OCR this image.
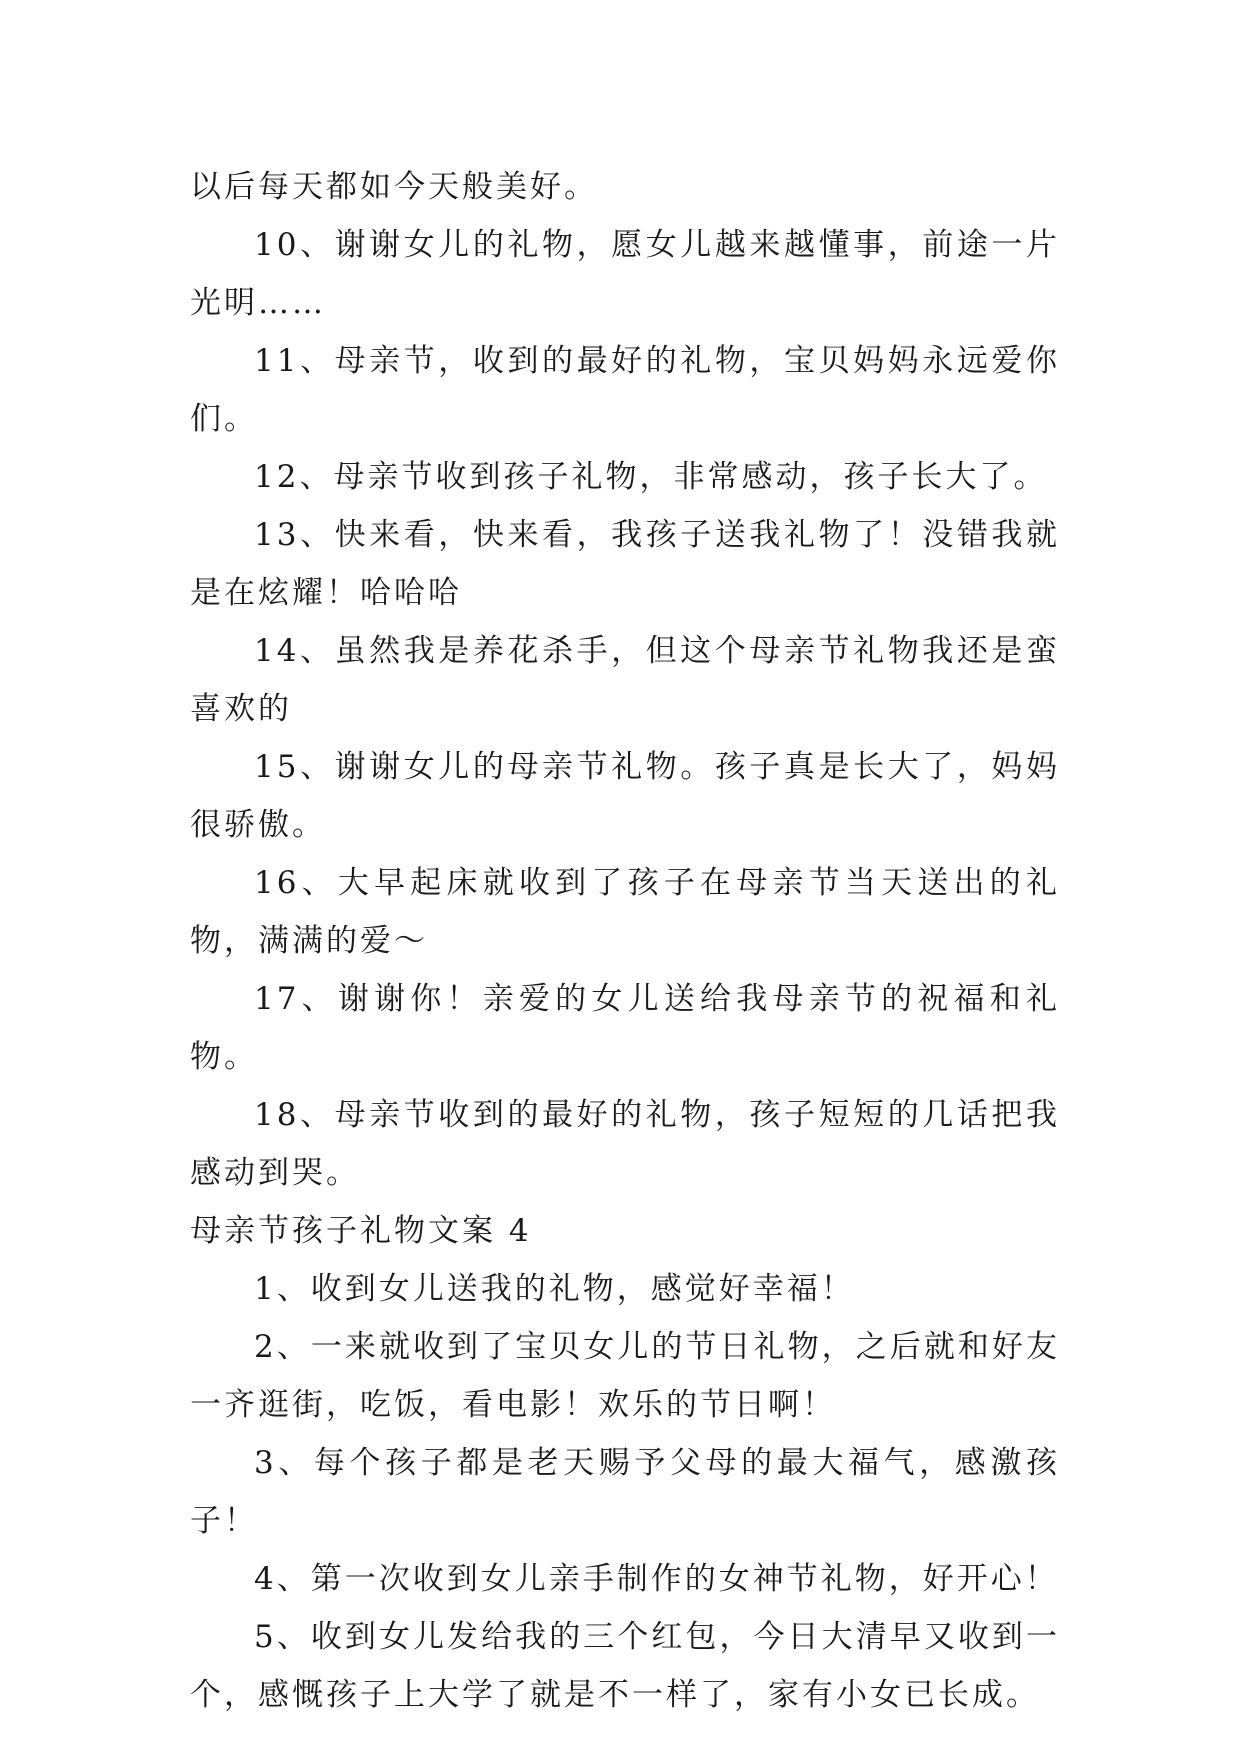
以后每天都如今天般美好。

10、谢谢女儿的礼物，愿女儿越来越懂事，前途一片光明……

11、母亲节，收到的最好的礼物，宝贝妈妈永远爱你们。

12、母亲节收到孩子礼物，非常感动，孩子长大了。

13、快来看，快来看，我孩子送我礼物了！没错我就是在炫耀！哈哈哈

14、虽然我是养花杀手，但这个母亲节礼物我还是蛮喜欢的

15、谢谢女儿的母亲节礼物。孩子真是长大了，妈妈很骄傲。

16、大早起床就收到了孩子在母亲节当天送出的礼物，满满的爱～

17、谢谢你！亲爱的女儿送给我母亲节的祝福和礼物。

18、母亲节收到的最好的礼物，孩子短短的几话把我感动到哭。

母亲节孩子礼物文案 4

1、收到女儿送我的礼物，感觉好幸福！

2、一来就收到了宝贝女儿的节日礼物，之后就和好友一齐逛街，吃饭，看电影！欢乐的节日啊！

3、每个孩子都是老天赐予父母的最大福气，感激孩子！

4、第一次收到女儿亲手制作的女神节礼物，好开心！

5、收到女儿发给我的三个红包，今日大清早又收到一个，感慨孩子上大学了就是不一样了，家有小女已长成。
